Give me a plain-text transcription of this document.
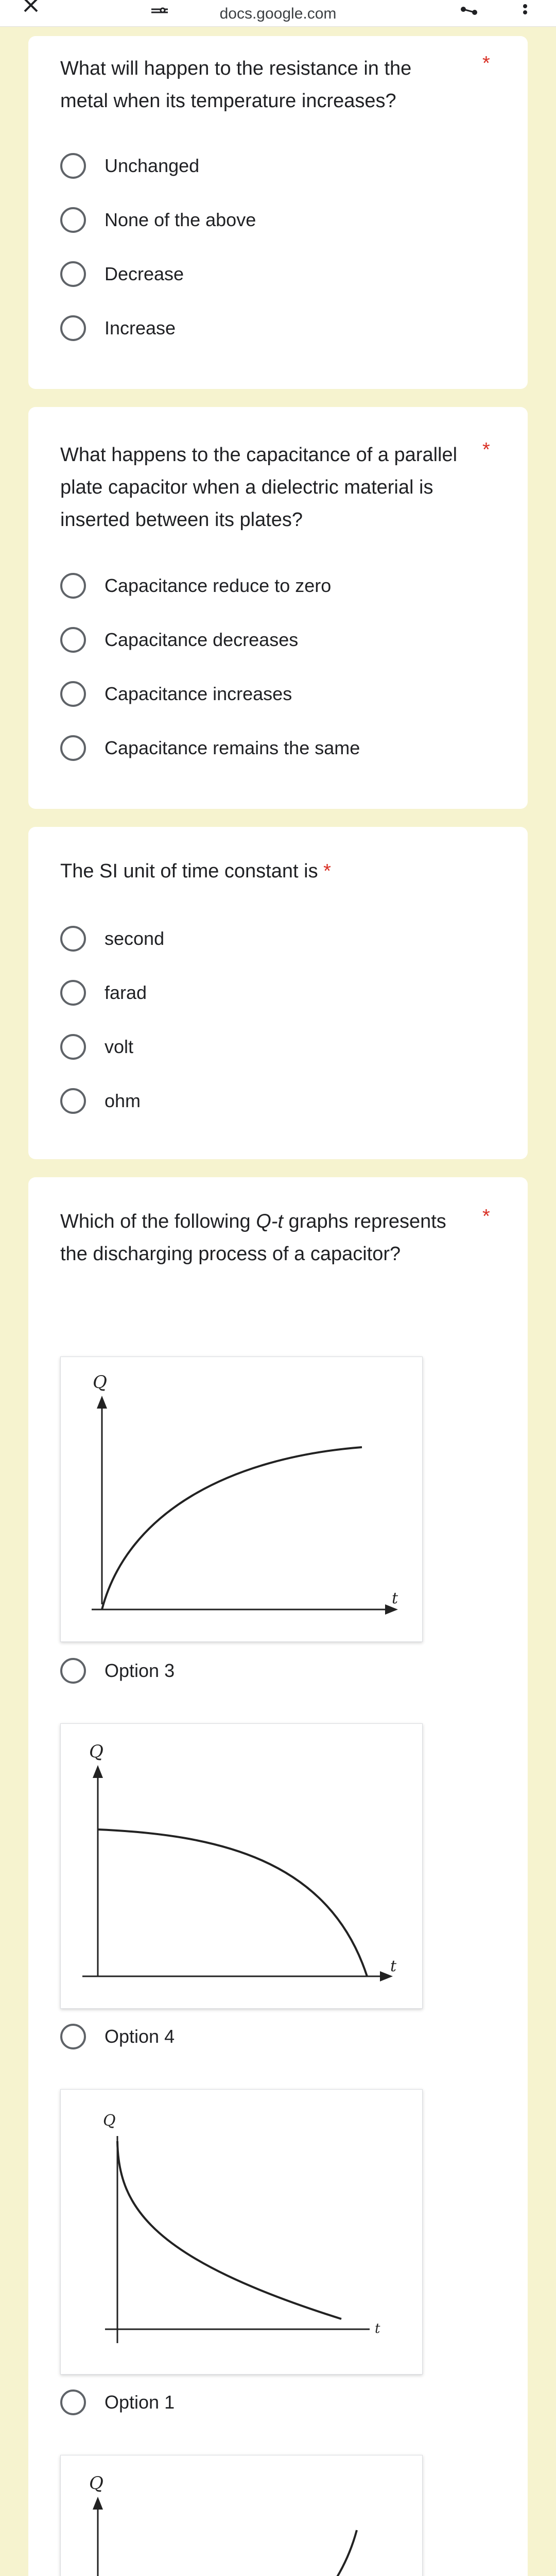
docs.google.com
What will happen to the resistance in the metal when its temperature increases?
*
Unchanged
None of the above
Decrease
Increase
What happens to the capacitance of a parallel plate capacitor when a dielectric material is inserted between its plates?
*
Capacitance reduce to zero
Capacitance decreases
Capacitance increases
Capacitance remains the same
The SI unit of time constant is *
second
farad
volt
ohm
Which of the following Q-t graphs represents the discharging process of a capacitor?
*
Q
t
Option 3
Q
t
Option 4
Q
t
Option 1
Q
